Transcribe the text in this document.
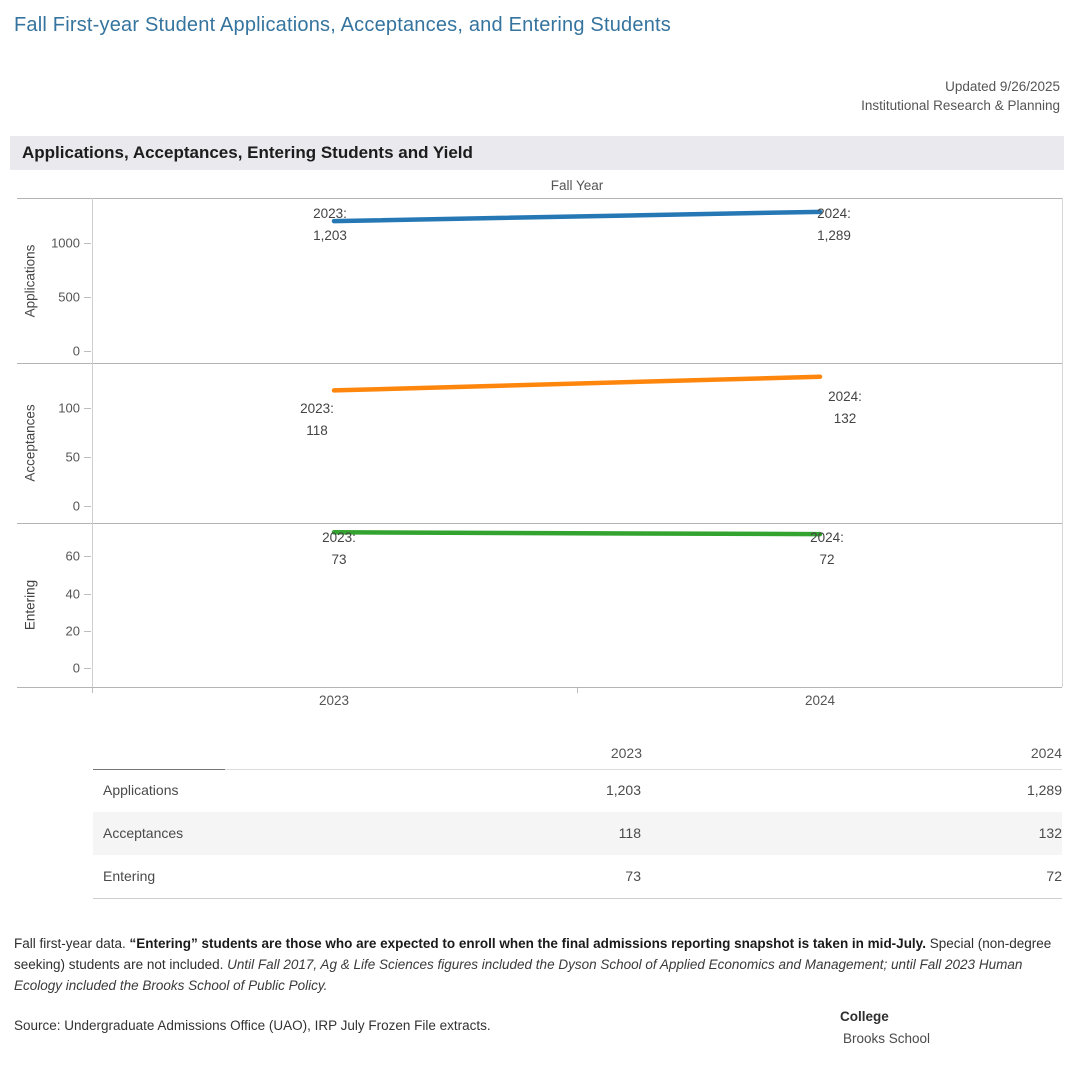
Fall First-year Student Applications, Acceptances, and Entering Students
Updated 9/26/2025
Institutional Research & Planning
Applications, Acceptances, Entering Students and Yield
Fall Year
Applications
0
500
1000
2023:
1,203
2024:
1,289
Acceptances
0
50
100	2023:
118
2024:
132
Entering
0
20
40
60
2023:
73
2024:
72
2023	2024
2023	2024
Applications	1,203	1,289
Acceptances	118	132
Entering	73	72
Fall first-year data. “Entering” students are those who are expected to enroll when the final admissions reporting snapshot is taken in mid-July. Special (non-degree seeking) students are not included. Until Fall 2017, Ag & Life Sciences figures included the Dyson School of Applied Economics and Management; until Fall 2023 Human Ecology included the Brooks School of Public Policy.
Source: Undergraduate Admissions Office (UAO), IRP July Frozen File extracts.
College
Brooks School
